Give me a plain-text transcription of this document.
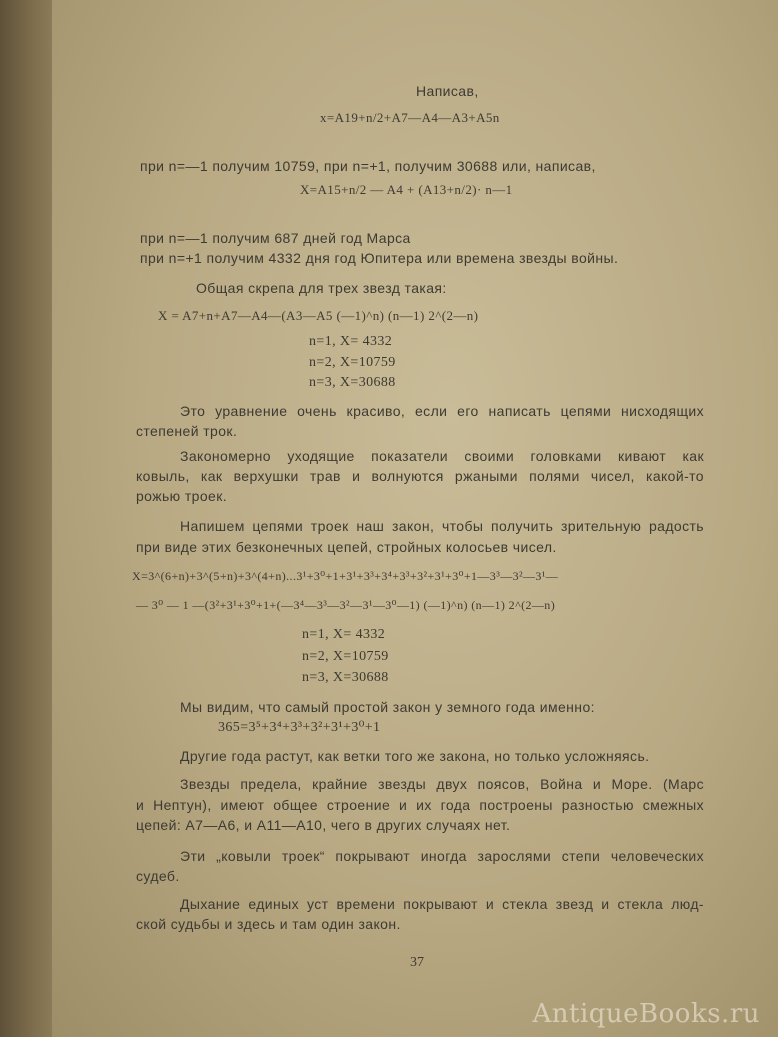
Написав,
x=A19+n/2+A7—A4—A3+A5n
при n=—1 получим 10759, при n=+1, получим 30688 или, написав,
X=A15+n/2 — A4 + (A13+n/2)· n—1
при n=—1 получим 687 дней год Марса
при n=+1 получим 4332 дня год Юпитера или времена звезды войны.
Общая скрепа для трех звезд такая:
X = A7+n+A7—A4—(A3—A5 (—1)^n) (n—1) 2^(2—n)
n=1, X= 4332
n=2, X=10759
n=3, X=30688
Это уравнение очень красиво, если его написать цепями нисходящих
степеней трок.
Закономерно уходящие показатели своими головками кивают как
ковыль, как верхушки трав и волнуются ржаными полями чисел, какой-то
рожью троек.
Напишем цепями троек наш закон, чтобы получить зрительную радость
при виде этих безконечных цепей, стройных колосьев чисел.
X=3^(6+n)+3^(5+n)+3^(4+n)...3¹+3⁰+1+3¹+3³+3⁴+3³+3²+3¹+3⁰+1—3³—3²—3¹—
— 3⁰ — 1 —(3²+3¹+3⁰+1+(—3⁴—3³—3²—3¹—3⁰—1) (—1)^n) (n—1) 2^(2—n)
n=1, X= 4332
n=2, X=10759
n=3, X=30688
Мы видим, что самый простой закон у земного года именно:
365=3⁵+3⁴+3³+3²+3¹+3⁰+1
Другие года растут, как ветки того же закона, но только усложняясь.
Звезды предела, крайние звезды двух поясов, Война и Море. (Марс
и Нептун), имеют общее строение и их года построены разностью смежных
цепей: A7—A6, и A11—A10, чего в других случаях нет.
Эти „ковыли троек“ покрывают иногда зарослями степи человеческих
судеб.
Дыхание единых уст времени покрывают и стекла звезд и стекла люд-
ской судьбы и здесь и там один закон.
37
AntiqueBooks.ru
